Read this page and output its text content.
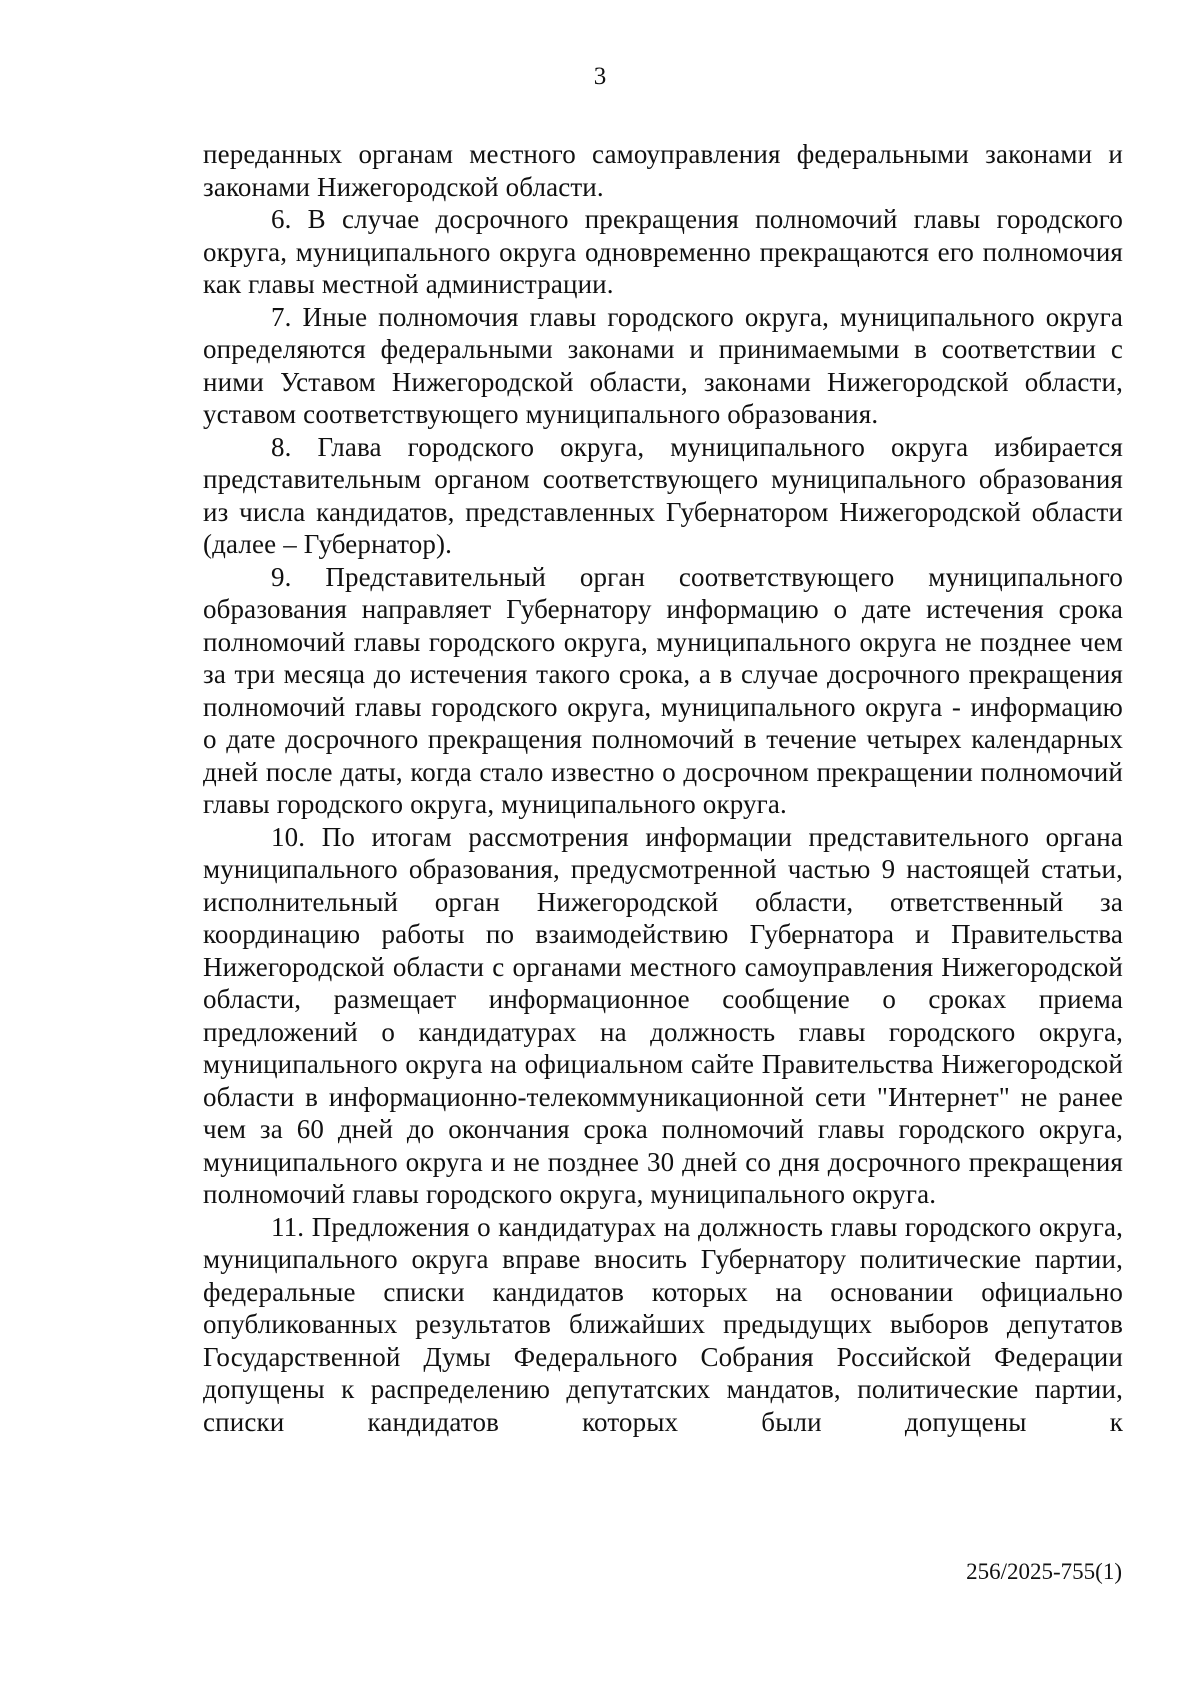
3

переданных органам местного самоуправления федеральными законами и законами Нижегородской области.

6. В случае досрочного прекращения полномочий главы городского округа, муниципального округа одновременно прекращаются его полномочия как главы местной администрации.

7. Иные полномочия главы городского округа, муниципального округа определяются федеральными законами и принимаемыми в соответствии с ними Уставом Нижегородской области, законами Нижегородской области, уставом соответствующего муниципального образования.

8. Глава городского округа, муниципального округа избирается представительным органом соответствующего муниципального образования из числа кандидатов, представленных Губернатором Нижегородской области (далее – Губернатор).

9. Представительный орган соответствующего муниципального образования направляет Губернатору информацию о дате истечения срока полномочий главы городского округа, муниципального округа не позднее чем за три месяца до истечения такого срока, а в случае досрочного прекращения полномочий главы городского округа, муниципального округа - информацию о дате досрочного прекращения полномочий в течение четырех календарных дней после даты, когда стало известно о досрочном прекращении полномочий главы городского округа, муниципального округа.

10. По итогам рассмотрения информации представительного органа муниципального образования, предусмотренной частью 9 настоящей статьи, исполнительный орган Нижегородской области, ответственный за координацию работы по взаимодействию Губернатора и Правительства Нижегородской области с органами местного самоуправления Нижегородской области, размещает информационное сообщение о сроках приема предложений о кандидатурах на должность главы городского округа, муниципального округа на официальном сайте Правительства Нижегородской области в информационно-телекоммуникационной сети "Интернет" не ранее чем за 60 дней до окончания срока полномочий главы городского округа, муниципального округа и не позднее 30 дней со дня досрочного прекращения полномочий главы городского округа, муниципального округа.

11. Предложения о кандидатурах на должность главы городского округа, муниципального округа вправе вносить Губернатору политические партии, федеральные списки кандидатов которых на основании официально опубликованных результатов ближайших предыдущих выборов депутатов Государственной Думы Федерального Собрания Российской Федерации допущены к распределению депутатских мандатов, политические партии, списки кандидатов которых были допущены к

256/2025-755(1)
